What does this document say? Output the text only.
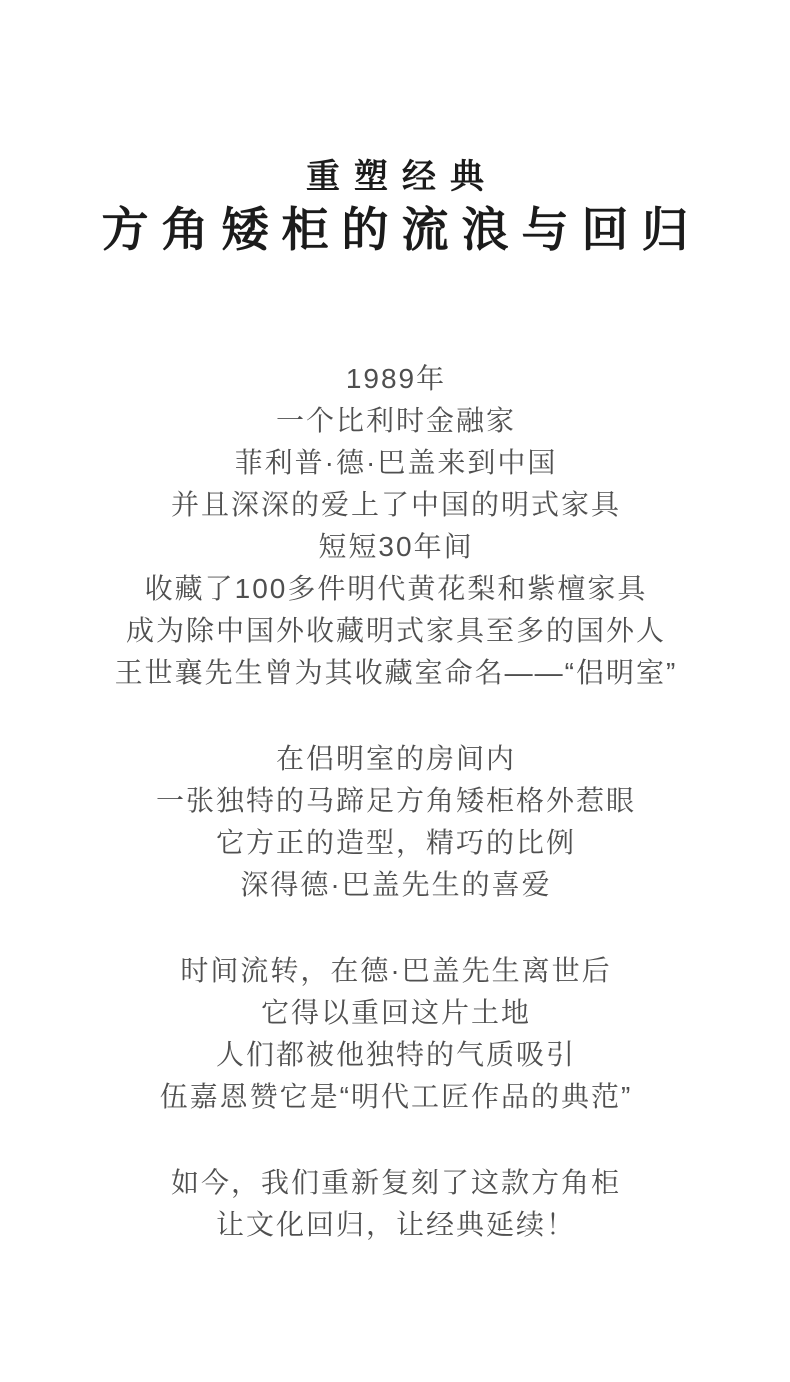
重塑经典
方角矮柜的流浪与回归
1989年
一个比利时金融家
菲利普·德·巴盖来到中国
并且深深的爱上了中国的明式家具
短短30年间
收藏了100多件明代黄花梨和紫檀家具
成为除中国外收藏明式家具至多的国外人
王世襄先生曾为其收藏室命名——“侣明室”
在侣明室的房间内
一张独特的马蹄足方角矮柜格外惹眼
它方正的造型，精巧的比例
深得德·巴盖先生的喜爱
时间流转，在德·巴盖先生离世后
它得以重回这片土地
人们都被他独特的气质吸引
伍嘉恩赞它是“明代工匠作品的典范”
如今，我们重新复刻了这款方角柜
让文化回归，让经典延续！
